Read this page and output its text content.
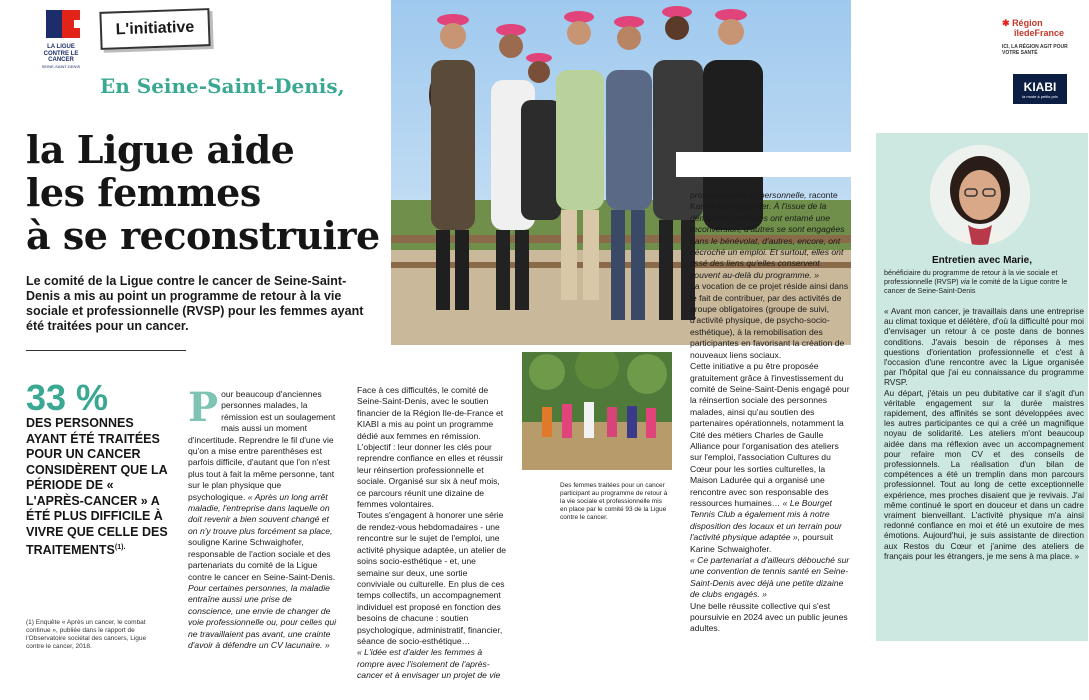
LA LIGUE CONTRE LE CANCER
SEINE-SAINT-DENIS
L'initiative
En Seine-Saint-Denis,
la Ligue aide
les femmes
à se reconstruire
Le comité de la Ligue contre le cancer de Seine-Saint-Denis a mis au point un programme de retour à la vie sociale et professionnelle (RVSP) pour les femmes ayant été traitées pour un cancer.
33 %
DES PERSONNES AYANT ÉTÉ TRAITÉES POUR UN CANCER CONSIDÈRENT QUE LA PÉRIODE DE « L'APRÈS-CANCER » A ÉTÉ PLUS DIFFICILE À VIVRE QUE CELLE DES $TRAITEMENTS^{(1).}$
(1) Enquête « Après un cancer, le combat continue », publiée dans le rapport de l'Observatoire sociétal des cancers, Ligue contre le cancer, 2018.

Pour beaucoup d'anciennes personnes malades, la rémission est un soulagement mais aussi un moment d'incertitude. Reprendre le fil d'une vie qu'on a mise entre parenthèses est parfois difficile, d'autant que l'on n'est plus tout à fait la même personne, tant sur le plan physique que psychologique. « Après un long arrêt maladie, l'entreprise dans laquelle on doit revenir a bien souvent changé et on n'y trouve plus forcément sa place, souligne Karine Schwaighofer, responsable de l'action sociale et des partenariats du comité de la Ligue contre le cancer en Seine-Saint-Denis. Pour certaines personnes, la maladie entraîne aussi une prise de conscience, une envie de changer de voie professionnelle ou, pour celles qui ne travaillaient pas avant, une crainte d'avoir à défendre un CV lacunaire. »

Face à ces difficultés, le comité de Seine-Saint-Denis, avec le soutien financier de la Région Ile-de-France et KIABI a mis au point un programme dédié aux femmes en rémission. L'objectif : leur donner les clés pour reprendre confiance en elles et réussir leur réinsertion professionnelle et sociale. Organisé sur six à neuf mois, ce parcours réunit une dizaine de femmes volontaires.

Toutes s'engagent à honorer une série de rendez-vous hebdomadaires - une rencontre sur le sujet de l'emploi, une activité physique adaptée, un atelier de soins socio-esthétique - et, une semaine sur deux, une sortie conviviale ou culturelle. En plus de ces temps collectifs, un accompagnement individuel est proposé en fonction des besoins de chacune : soutien psychologique, administratif, financier, séance de socio-esthétique…

« L'idée est d'aider les femmes à rompre avec l'isolement de l'après-cancer et à envisager un projet de vie

professionnelle et personnelle, raconte Karine Schwaighofer. À l'issue de la démarche, certaines ont entamé une reconversion, d'autres se sont engagées dans le bénévolat, d'autres, encore, ont décroché un emploi. Et surtout, elles ont tissé des liens qu'elles conservent souvent au-delà du programme. »

La vocation de ce projet réside ainsi dans le fait de contribuer, par des activités de groupe obligatoires (groupe de suivi, d'activité physique, de psycho-socio-esthétique), à la remobilisation des participantes en favorisant la création de nouveaux liens sociaux.

Cette initiative a pu être proposée gratuitement grâce à l'investissement du comité de Seine-Saint-Denis engagé pour la réinsertion sociale des personnes malades, ainsi qu'au soutien des partenaires opérationnels, notamment la Cité des métiers Charles de Gaulle Alliance pour l'organisation des ateliers sur l'emploi, l'association Cultures du Cœur pour les sorties culturelles, la Maison Ladurée qui a organisé une rencontre avec son responsable des ressources humaines… « Le Bourget Tennis Club a également mis à notre disposition des locaux et un terrain pour l'activité physique adaptée », poursuit Karine Schwaighofer.

« Ce partenariat a d'ailleurs débouché sur une convention de tennis santé en Seine-Saint-Denis avec déjà une petite dizaine de clubs engagés. »

Une belle réussite collective qui s'est poursuivie en 2024 avec un public jeunes adultes.

Des femmes traitées pour un cancer participant au programme de retour à la vie sociale et professionnelle mis en place par le comité 93 de la Ligue contre le cancer.
✱ Région
îledeFrance
ICI, LA RÉGION AGIT POUR VOTRE SANTÉ
KIABI
la mode à petits prix
Entretien avec Marie,
bénéficiaire du programme de retour à la vie sociale et professionnelle (RVSP) via le comité de la Ligue contre le cancer de Seine-Saint-Denis

« Avant mon cancer, je travaillais dans une entreprise au climat toxique et délétère, d'où la difficulté pour moi d'envisager un retour à ce poste dans de bonnes conditions. J'avais besoin de réponses à mes questions d'orientation professionnelle et c'est à l'occasion d'une rencontre avec la Ligue organisée par l'hôpital que j'ai eu connaissance du programme RVSP.

Au départ, j'étais un peu dubitative car il s'agit d'un véritable engagement sur la durée maistres rapidement, des affinités se sont développées avec les autres participantes ce qui a créé un magnifique noyau de solidarité. Les ateliers m'ont beaucoup aidée dans ma réflexion avec un accompagnement pour refaire mon CV et des conseils de professionnels. La réalisation d'un bilan de compétences a été un tremplin dans mon parcours professionnel. Tout au long de cette exceptionnelle expérience, mes proches disaient que je revivais. J'ai même continué le sport en douceur et dans un cadre vraiment bienveillant. L'activité physique m'a ainsi redonné confiance en moi et été un exutoire de mes émotions. Aujourd'hui, je suis assistante de direction aux Restos du Cœur et j'anime des ateliers de français pour les étrangers, je me sens à ma place. »
